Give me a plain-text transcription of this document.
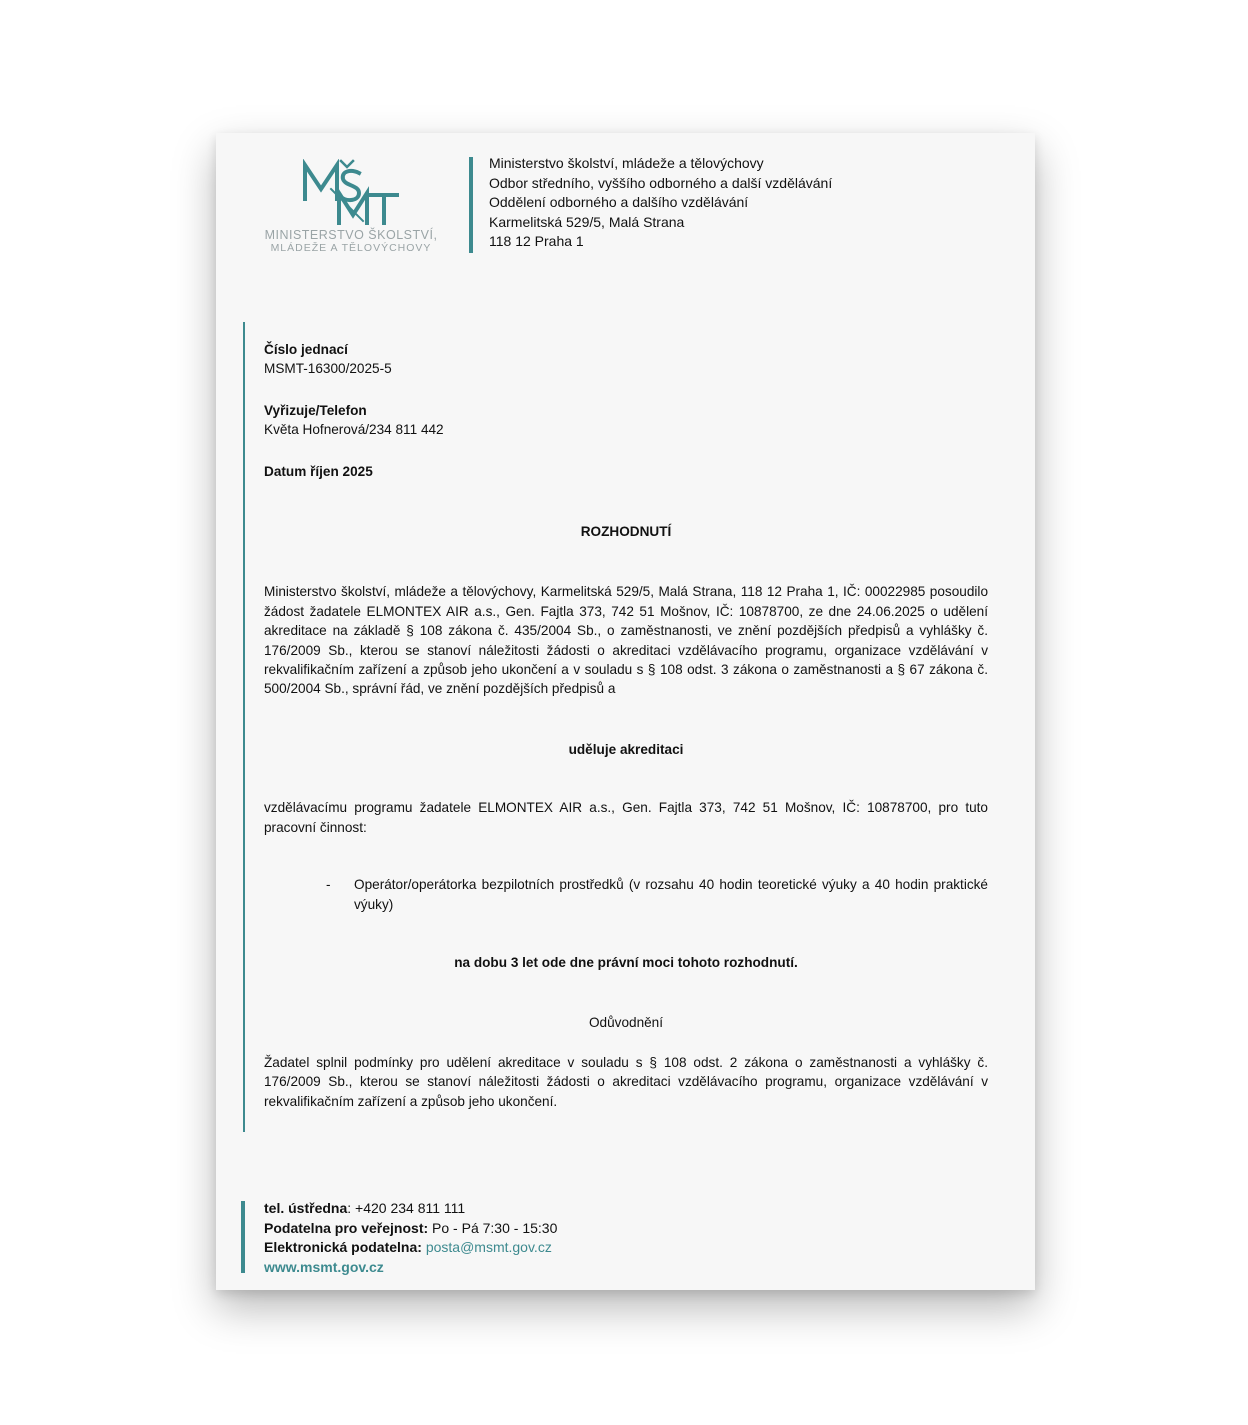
MINISTERSTVO ŠKOLSTVÍ,
MLÁDEŽE A TĚLOVÝCHOVY
Ministerstvo školství, mládeže a tělovýchovy
Odbor středního, vyššího odborného a další vzdělávání
Oddělení odborného a dalšího vzdělávání
Karmelitská 529/5, Malá Strana
118 12 Praha 1

Číslo jednací

MSMT-16300/2025-5

Vyřizuje/Telefon

Květa Hofnerová/234 811 442

Datum říjen 2025

ROZHODNUTÍ

Ministerstvo školství, mládeže a tělovýchovy, Karmelitská 529/5, Malá Strana, 118 12 Praha 1, IČ: 00022985 posoudilo žádost žadatele ELMONTEX AIR a.s., Gen. Fajtla 373, 742 51 Mošnov, IČ: 10878700, ze dne 24.06.2025 o udělení akreditace na základě § 108 zákona č. 435/2004 Sb., o zaměstnanosti, ve znění pozdějších předpisů a vyhlášky č. 176/2009 Sb., kterou se stanoví náležitosti žádosti o akreditaci vzdělávacího programu, organizace vzdělávání v rekvalifikačním zařízení a způsob jeho ukončení a v souladu s § 108 odst. 3 zákona o zaměstnanosti a § 67 zákona č. 500/2004 Sb., správní řád, ve znění pozdějších předpisů a

uděluje akreditaci

vzdělávacímu programu žadatele ELMONTEX AIR a.s., Gen. Fajtla 373, 742 51 Mošnov, IČ: 10878700, pro tuto pracovní činnost:

- Operátor/operátorka bezpilotních prostředků (v rozsahu 40 hodin teoretické výuky a 40 hodin praktické výuky)

na dobu 3 let ode dne právní moci tohoto rozhodnutí.

Odůvodnění

Žadatel splnil podmínky pro udělení akreditace v souladu s § 108 odst. 2 zákona o zaměstnanosti a vyhlášky č. 176/2009 Sb., kterou se stanoví náležitosti žádosti o akreditaci vzdělávacího programu, organizace vzdělávání v rekvalifikačním zařízení a způsob jeho ukončení.

tel. ústředna: +420 234 811 111
Podatelna pro veřejnost: Po - Pá 7:30 - 15:30
Elektronická podatelna: posta@msmt.gov.cz
www.msmt.gov.cz
